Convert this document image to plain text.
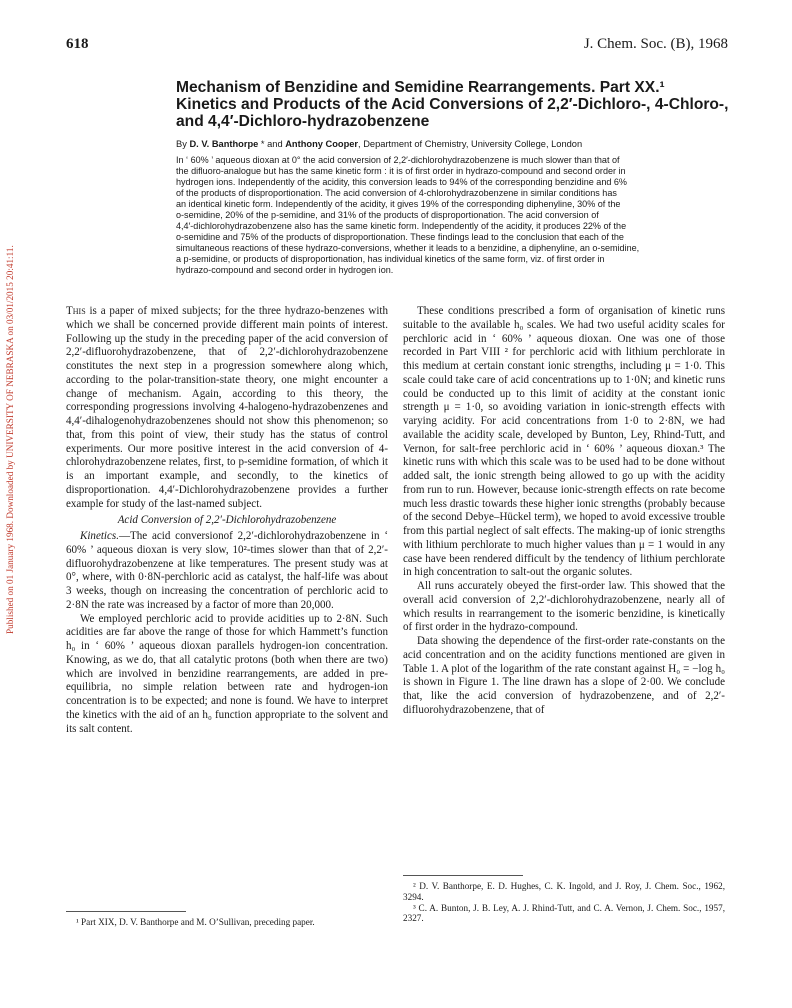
Published on 01 January 1968. Downloaded by UNIVERSITY OF NEBRASKA on 03/01/2015 20:41:11.
618	J. Chem. Soc. (B), 1968
Mechanism of Benzidine and Semidine Rearrangements. Part XX.¹
Kinetics and Products of the Acid Conversions of 2,2′-Dichloro-, 4-Chloro-,
and 4,4′-Dichloro-hydrazobenzene
By D. V. Banthorpe * and Anthony Cooper, Department of Chemistry, University College, London
In ‘ 60% ’ aqueous dioxan at 0° the acid conversion of 2,2′-dichlorohydrazobenzene is much slower than that of
the difluoro-analogue but has the same kinetic form : it is of first order in hydrazo-compound and second order in
hydrogen ions. Independently of the acidity, this conversion leads to 94% of the corresponding benzidine and 6%
of the products of disproportionation. The acid conversion of 4-chlorohydrazobenzene in similar conditions has
an identical kinetic form. Independently of the acidity, it gives 19% of the corresponding diphenyline, 30% of the
o-semidine, 20% of the p-semidine, and 31% of the products of disproportionation. The acid conversion of
4,4′-dichlorohydrazobenzene also has the same kinetic form. Independently of the acidity, it produces 22% of the
o-semidine and 75% of the products of disproportionation. These findings lead to the conclusion that each of the
simultaneous reactions of these hydrazo-conversions, whether it leads to a benzidine, a diphenyline, an o-semidine,
a p-semidine, or products of disproportionation, has individual kinetics of the same form, viz. of first order in
hydrazo-compound and second order in hydrogen ion.

This is a paper of mixed subjects; for the three hydrazo-benzenes with which we shall be concerned provide different main points of interest. Following up the study in the preceding paper of the acid conversion of 2,2′-difluorohydrazobenzene, that of 2,2′-dichlorohydrazobenzene constitutes the next step in a progression somewhere along which, according to the polar-transition-state theory, one might encounter a change of mechanism. Again, according to this theory, the corresponding progressions involving 4-halogeno-hydrazobenzenes and 4,4′-dihalogenohydrazobenzenes should not show this phenomenon; so that, from this point of view, their study has the status of control experiments. Our more positive interest in the acid conversion of 4-chlorohydrazobenzene relates, first, to p-semidine formation, of which it is an important example, and secondly, to the kinetics of disproportionation. 4,4′-Dichlorohydrazobenzene provides a further example for study of the last-named subject.

Acid Conversion of 2,2′-Dichlorohydrazobenzene

Kinetics.—The acid conversionof 2,2′-dichlorohydrazobenzene in ‘ 60% ’ aqueous dioxan is very slow, 10²-times slower than that of 2,2′-difluorohydrazobenzene at like temperatures. The present study was at 0°, where, with 0·8N-perchloric acid as catalyst, the half-life was about 3 weeks, though on increasing the concentration of perchloric acid to 2·8N the rate was increased by a factor of more than 20,000.

We employed perchloric acid to provide acidities up to 2·8N. Such acidities are far above the range of those for which Hammett’s function h₀ in ‘ 60% ’ aqueous dioxan parallels hydrogen-ion concentration. Knowing, as we do, that all catalytic protons (both when there are two) which are involved in benzidine rearrangements, are added in pre-equilibria, no simple relation between rate and hydrogen-ion concentration is to be expected; and none is found. We have to interpret the kinetics with the aid of an h₀ function appropriate to the solvent and its salt content.

These conditions prescribed a form of organisation of kinetic runs suitable to the available h₀ scales. We had two useful acidity scales for perchloric acid in ‘ 60% ’ aqueous dioxan. One was one of those recorded in Part VIII ² for perchloric acid with lithium perchlorate in this medium at certain constant ionic strengths, including μ = 1·0. This scale could take care of acid concentrations up to 1·0N; and kinetic runs could be conducted up to this limit of acidity at the constant ionic strength μ = 1·0, so avoiding variation in ionic-strength effects with varying acidity. For acid concentrations from 1·0 to 2·8N, we had available the acidity scale, developed by Bunton, Ley, Rhind-Tutt, and Vernon, for salt-free perchloric acid in ‘ 60% ’ aqueous dioxan.³ The kinetic runs with which this scale was to be used had to be done without added salt, the ionic strength being allowed to go up with the acidity from run to run. However, because ionic-strength effects on rate become much less drastic towards these higher ionic strengths (probably because of the second Debye–Hückel term), we hoped to avoid excessive trouble from this partial neglect of salt effects. The making-up of ionic strengths with lithium perchlorate to much higher values than μ = 1 would in any case have been rendered difficult by the tendency of lithium perchlorate in high concentration to salt-out the organic solutes.

All runs accurately obeyed the first-order law. This showed that the overall acid conversion of 2,2′-dichlorohydrazobenzene, nearly all of which results in rearrangement to the isomeric benzidine, is kinetically of first order in the hydrazo-compound.

Data showing the dependence of the first-order rate-constants on the acid concentration and on the acidity functions mentioned are given in Table 1. A plot of the logarithm of the rate constant against H₀ = −log h₀ is shown in Figure 1. The line drawn has a slope of 2·00. We conclude that, like the acid conversion of hydrazobenzene, and of 2,2′-difluorohydrazobenzene, that of

¹ Part XIX, D. V. Banthorpe and M. O’Sullivan, preceding paper.

² D. V. Banthorpe, E. D. Hughes, C. K. Ingold, and J. Roy, J. Chem. Soc., 1962, 3294.

³ C. A. Bunton, J. B. Ley, A. J. Rhind-Tutt, and C. A. Vernon, J. Chem. Soc., 1957, 2327.
